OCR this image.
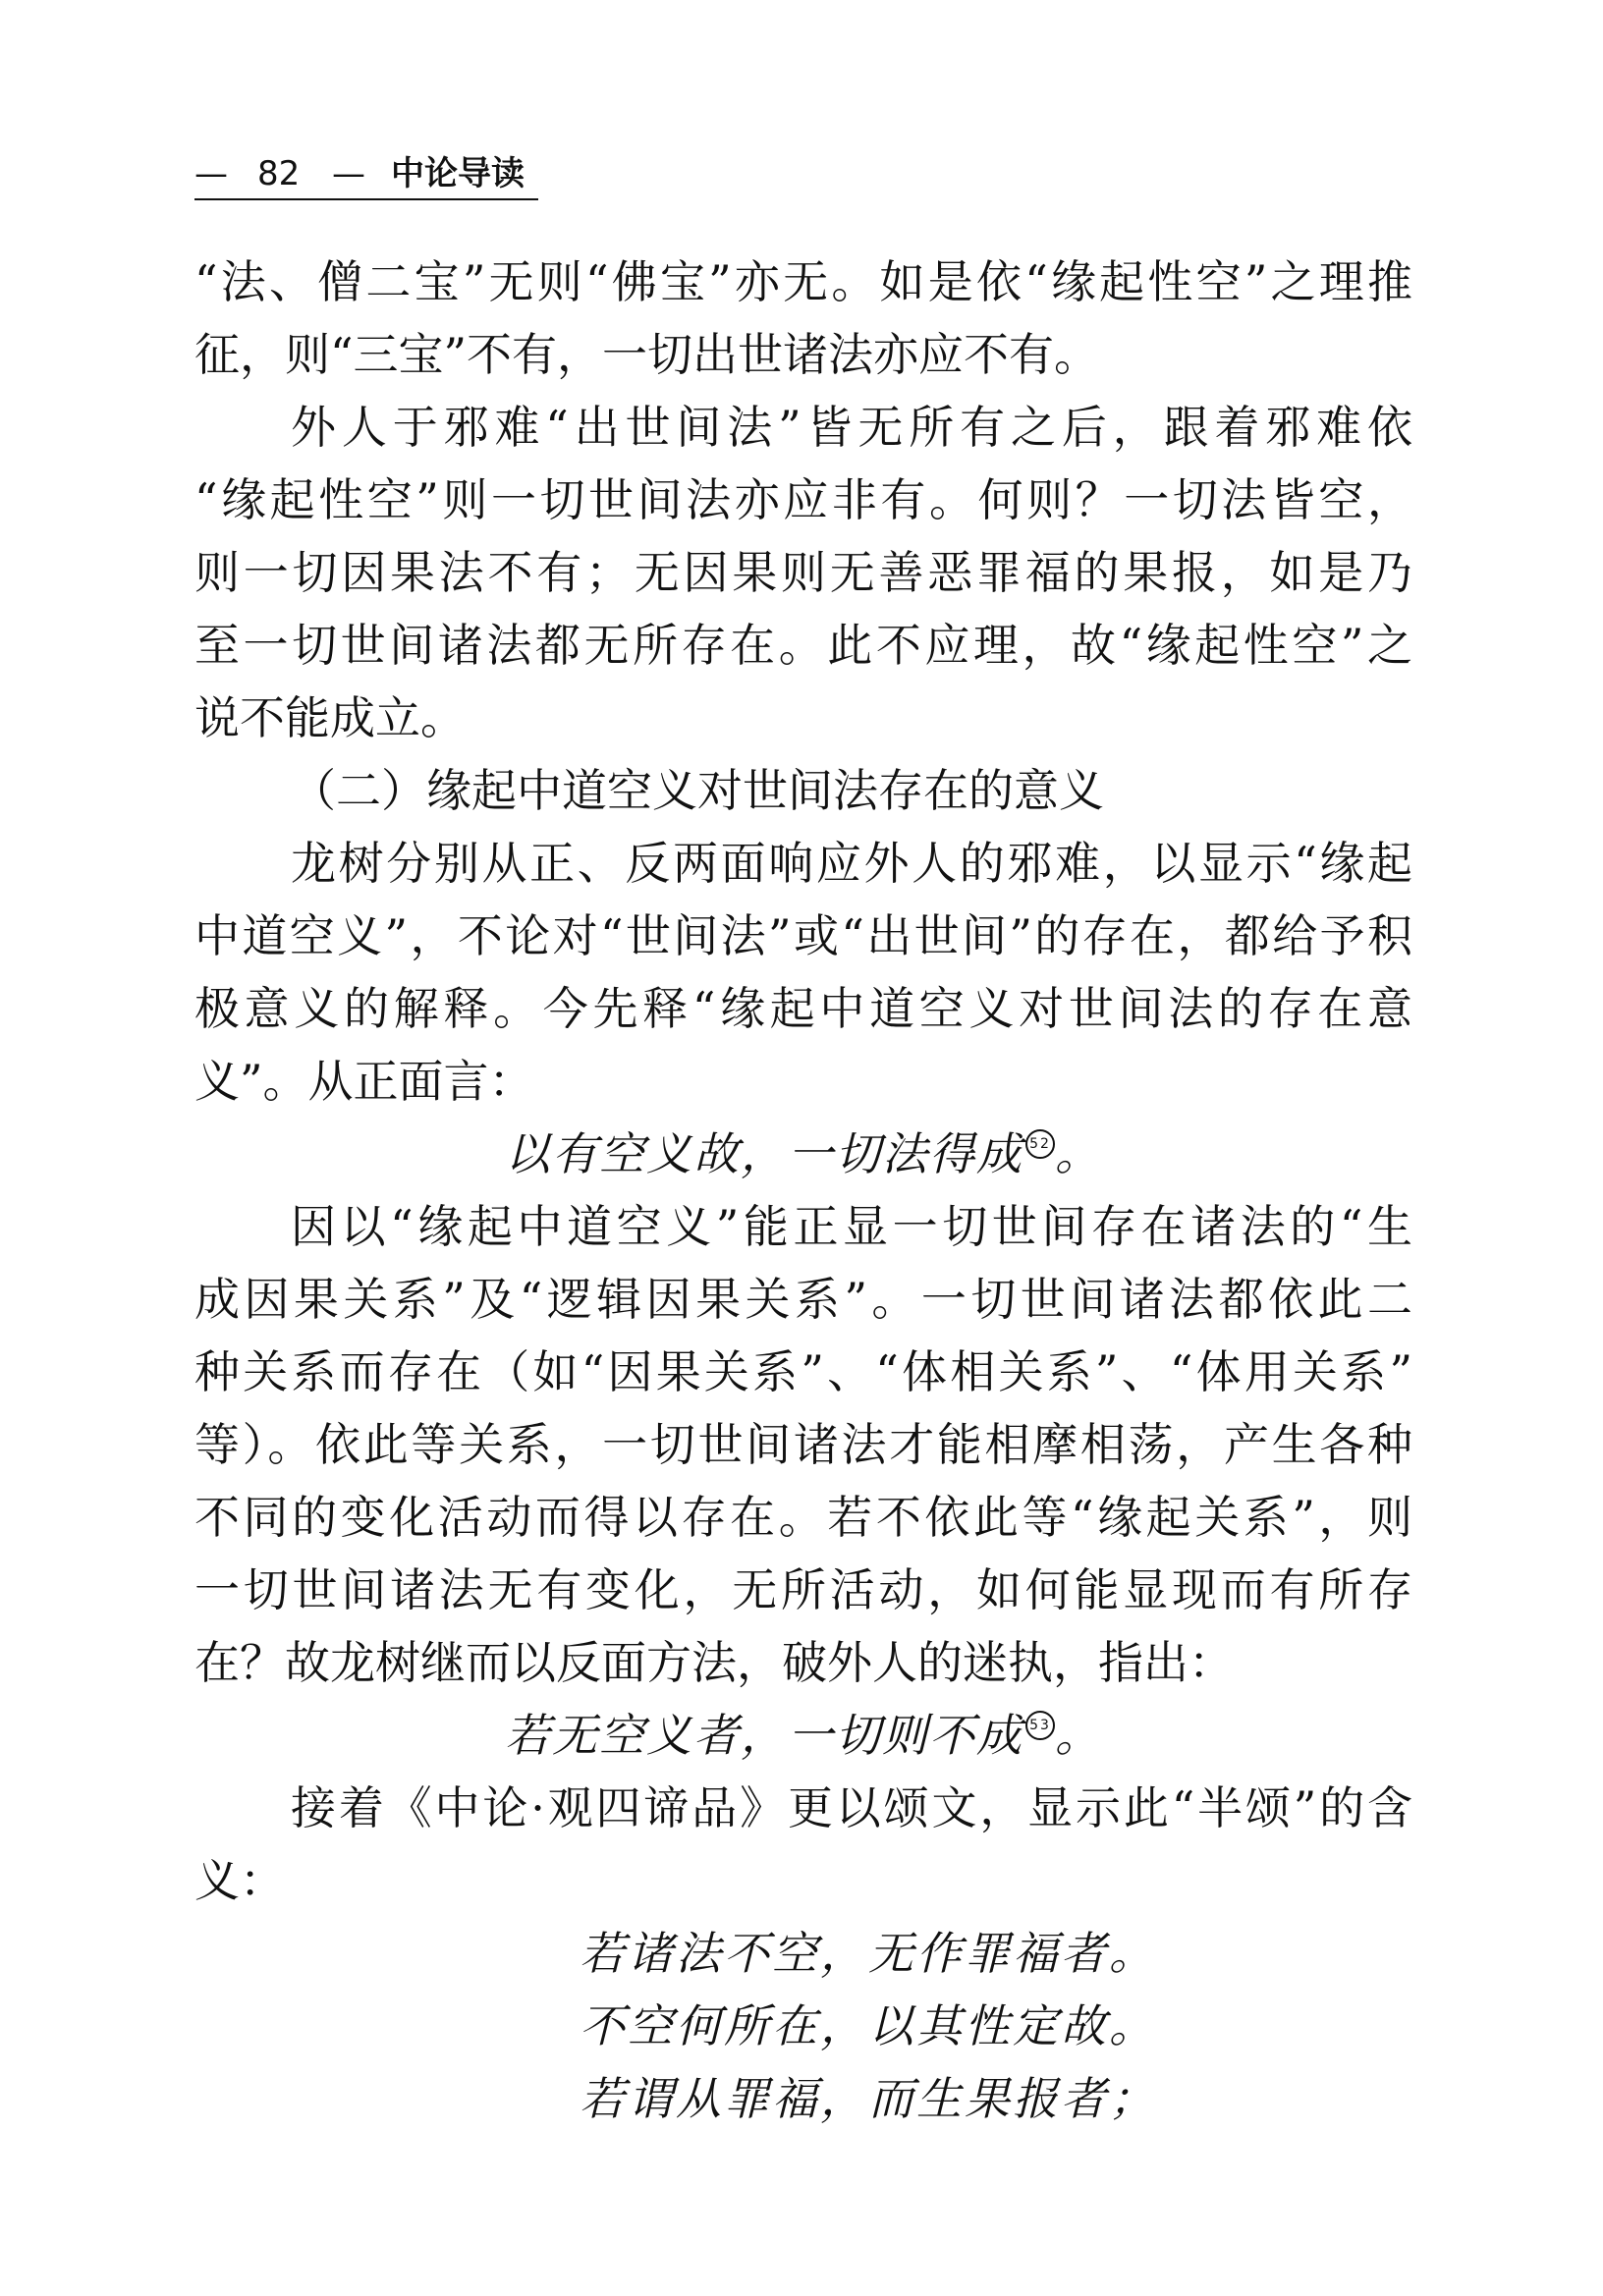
— 82 — 中论导读
“法、僧二宝”无则“佛宝”亦无。如是依“缘起性空”之理推
征，则“三宝”不有，一切出世诸法亦应不有。
外人于邪难“出世间法”皆无所有之后，跟着邪难依
“缘起性空”则一切世间法亦应非有。何则？一切法皆空，
则一切因果法不有；无因果则无善恶罪福的果报，如是乃
至一切世间诸法都无所存在。此不应理，故“缘起性空”之
说不能成立。
（二）缘起中道空义对世间法存在的意义
龙树分别从正、反两面响应外人的邪难，以显示“缘起
中道空义”，不论对“世间法”或“出世间”的存在，都给予积
极意义的解释。今先释“缘起中道空义对世间法的存在意
义”。从正面言：
以有空义故，一切法得成 52。
因以“缘起中道空义”能正显一切世间存在诸法的“生
成因果关系”及“逻辑因果关系”。一切世间诸法都依此二
种关系而存在（如“因果关系”、“体相关系”、“体用关系”
等）。依此等关系，一切世间诸法才能相摩相荡，产生各种
不同的变化活动而得以存在。若不依此等“缘起关系”，则
一切世间诸法无有变化，无所活动，如何能显现而有所存
在？故龙树继而以反面方法，破外人的迷执，指出：
若无空义者，一切则不成 53。
接着《中论·观四谛品》更以颂文，显示此“半颂”的含
义：
若诸法不空，无作罪福者。
不空何所在，以其性定故。
若谓从罪福，而生果报者；
